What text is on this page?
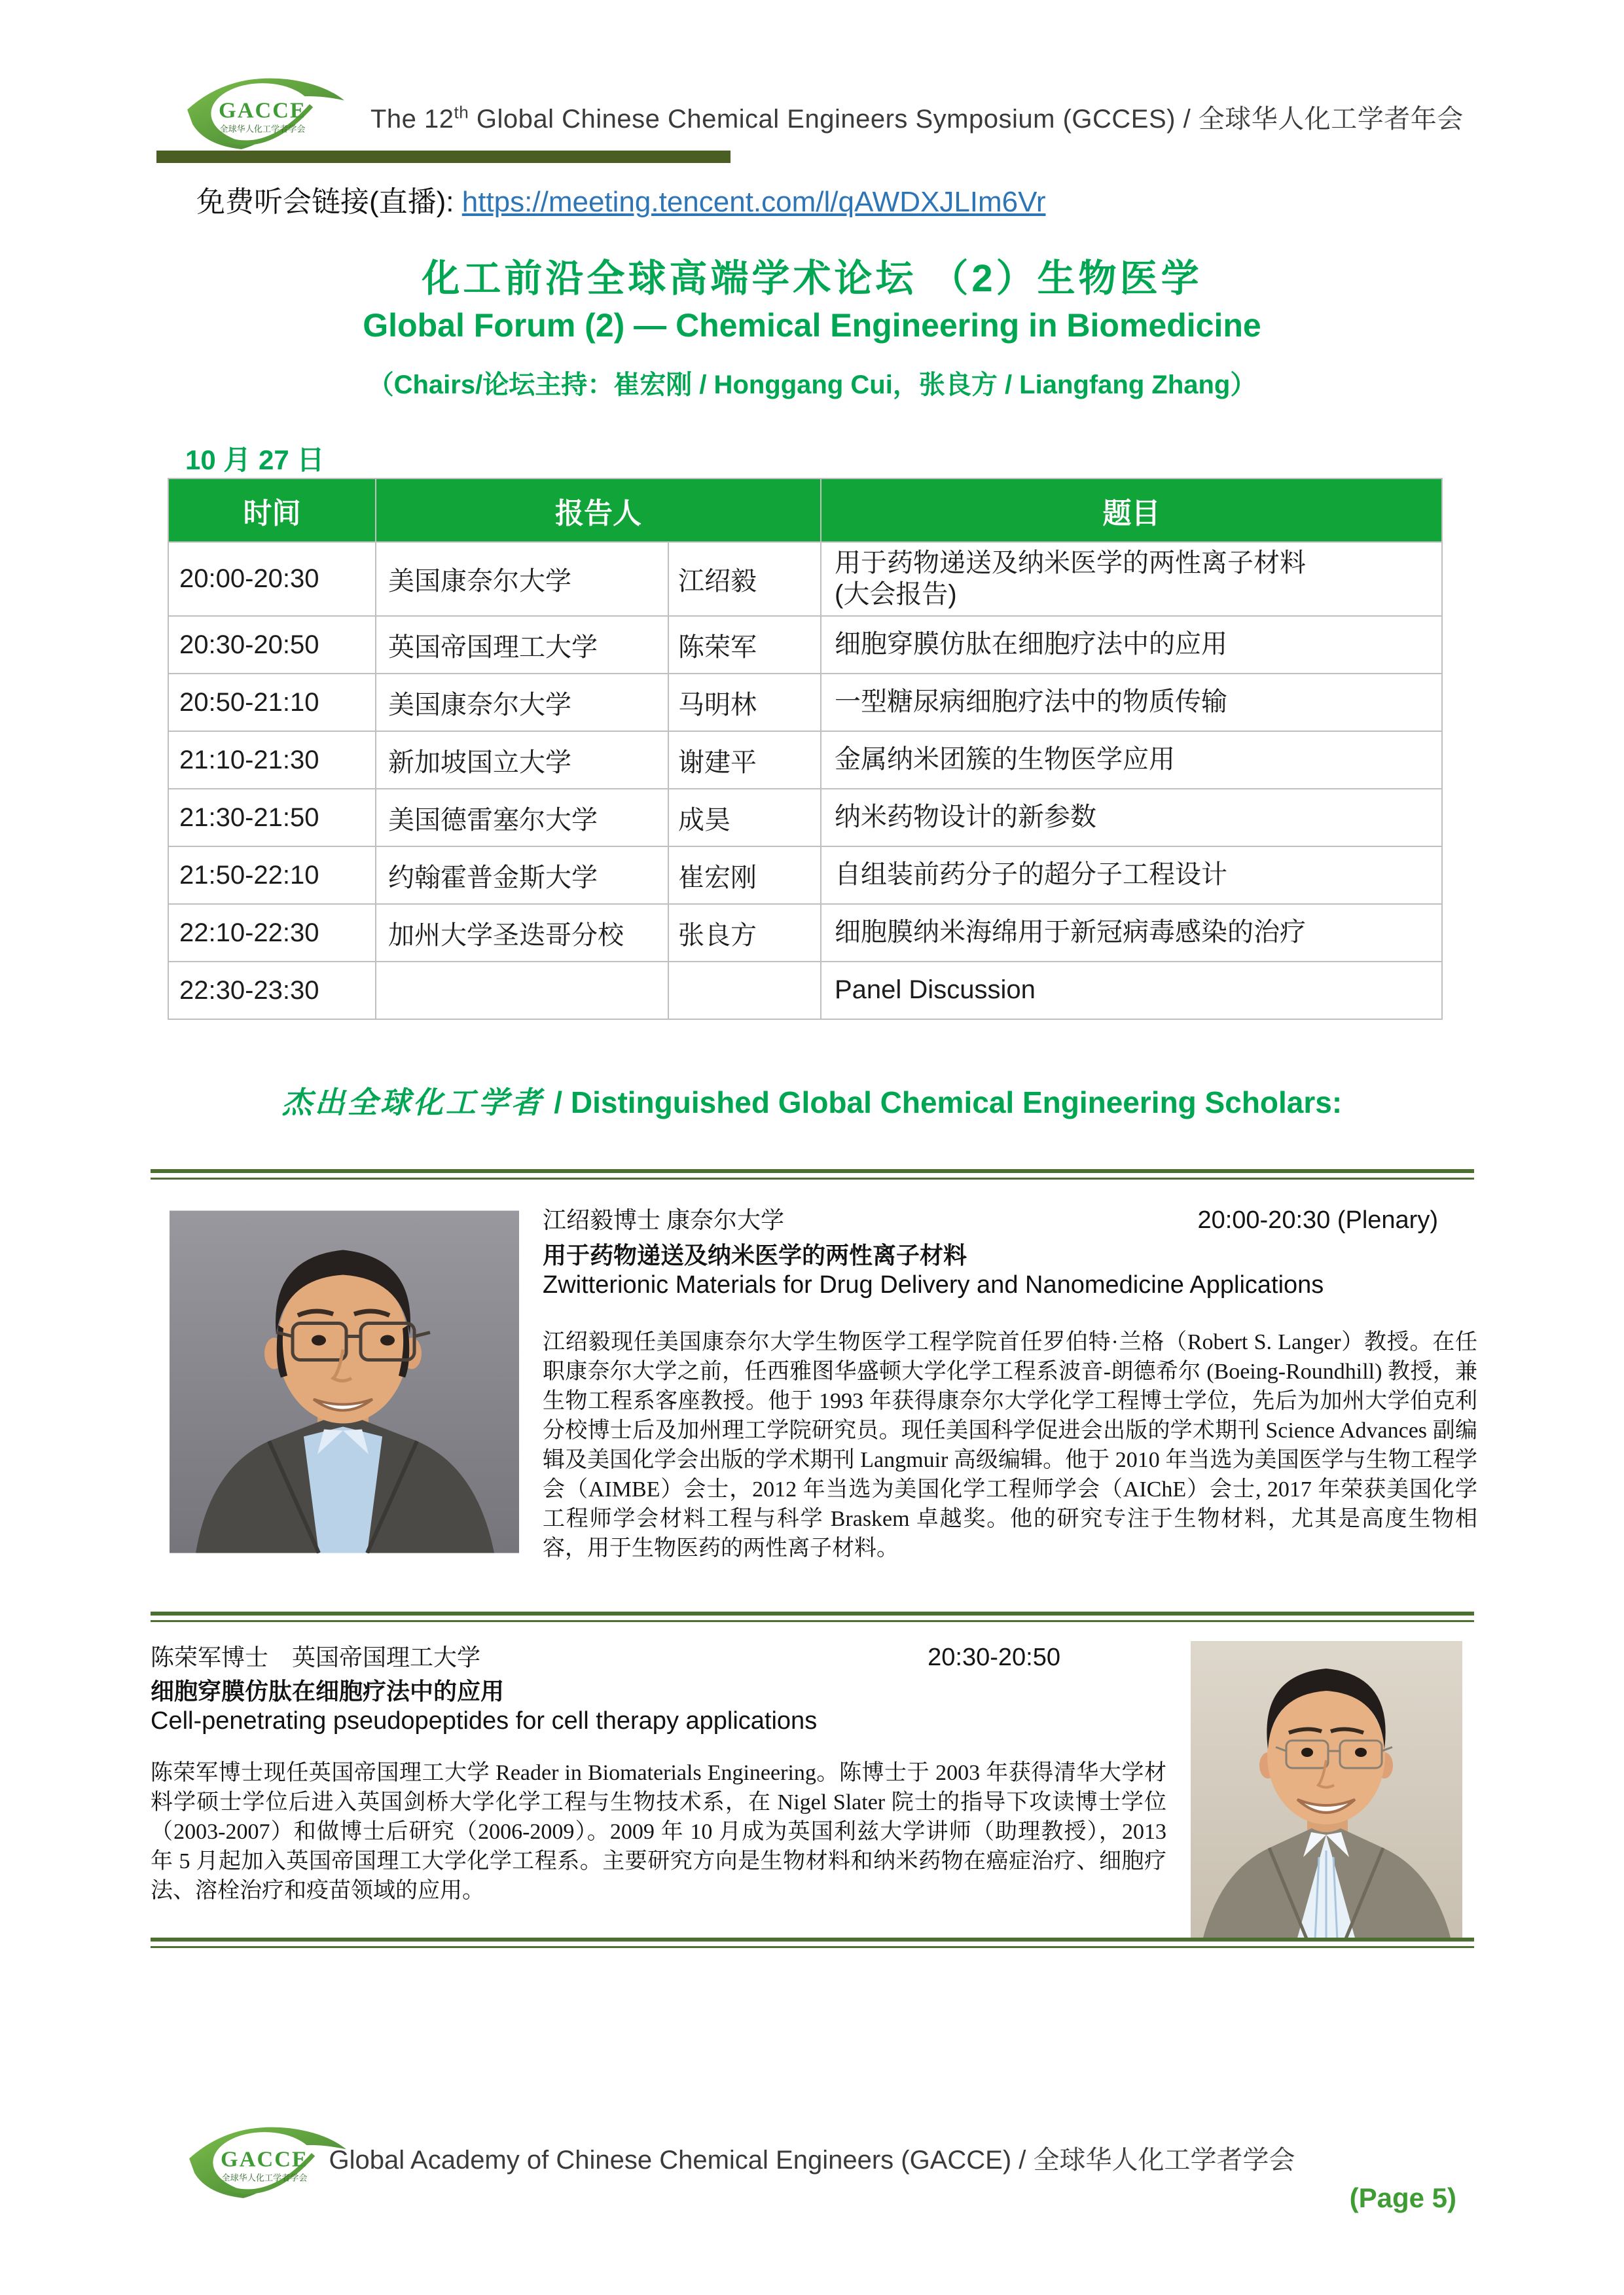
GACCE
全球华人化工学者学会 The 12th Global Chinese Chemical Engineers Symposium (GCCES) / 全球华人化工学者年会
免费听会链接(直播): https://meeting.tencent.com/l/qAWDXJLIm6Vr
化工前沿全球高端学术论坛 （2）生物医学
Global Forum (2) — Chemical Engineering in Biomedicine
（Chairs/论坛主持：崔宏刚 / Honggang Cui，张良方 / Liangfang Zhang）
10 月 27 日
时间	报告人		题目
20:00-20:30	美国康奈尔大学	江绍毅	用于药物递送及纳米医学的两性离子材料
(大会报告)

20:30-20:50	英国帝国理工大学	陈荣军	细胞穿膜仿肽在细胞疗法中的应用
20:50-21:10	美国康奈尔大学	马明林	一型糖尿病细胞疗法中的物质传输
21:10-21:30	新加坡国立大学	谢建平	金属纳米团簇的生物医学应用
21:30-21:50	美国德雷塞尔大学	成昊	纳米药物设计的新参数
21:50-22:10	约翰霍普金斯大学	崔宏刚	自组装前药分子的超分子工程设计
22:10-22:30	加州大学圣迭哥分校	张良方	细胞膜纳米海绵用于新冠病毒感染的治疗
22:30-23:30			Panel Discussion
杰出全球化工学者 / Distinguished Global Chemical Engineering Scholars:
江绍毅博士 康奈尔大学	20:00-20:30 (Plenary)
用于药物递送及纳米医学的两性离子材料
Zwitterionic Materials for Drug Delivery and Nanomedicine Applications
江绍毅现任美国康奈尔大学生物医学工程学院首任罗伯特·兰格（Robert S. Langer）教授。在任职康奈尔大学之前，任西雅图华盛顿大学化学工程系波音-朗德希尔 (Boeing-Roundhill) 教授，兼生物工程系客座教授。他于 1993 年获得康奈尔大学化学工程博士学位，先后为加州大学伯克利分校博士后及加州理工学院研究员。现任美国科学促进会出版的学术期刊 Science Advances 副编辑及美国化学会出版的学术期刊 Langmuir 高级编辑。他于 2010 年当选为美国医学与生物工程学会（AIMBE）会士，2012 年当选为美国化学工程师学会（AIChE）会士, 2017 年荣获美国化学工程师学会材料工程与科学 Braskem 卓越奖。他的研究专注于生物材料，尤其是高度生物相容，用于生物医药的两性离子材料。
陈荣军博士　英国帝国理工大学	20:30-20:50
细胞穿膜仿肽在细胞疗法中的应用
Cell-penetrating pseudopeptides for cell therapy applications
陈荣军博士现任英国帝国理工大学 Reader in Biomaterials Engineering。陈博士于 2003 年获得清华大学材料学硕士学位后进入英国剑桥大学化学工程与生物技术系，在 Nigel Slater 院士的指导下攻读博士学位（2003-2007）和做博士后研究（2006-2009）。2009 年 10 月成为英国利兹大学讲师（助理教授），2013 年 5 月起加入英国帝国理工大学化学工程系。主要研究方向是生物材料和纳米药物在癌症治疗、细胞疗法、溶栓治疗和疫苗领域的应用。
GACCE
全球华人化工学者学会
Global Academy of Chinese Chemical Engineers (GACCE) / 全球华人化工学者学会
(Page 5)
